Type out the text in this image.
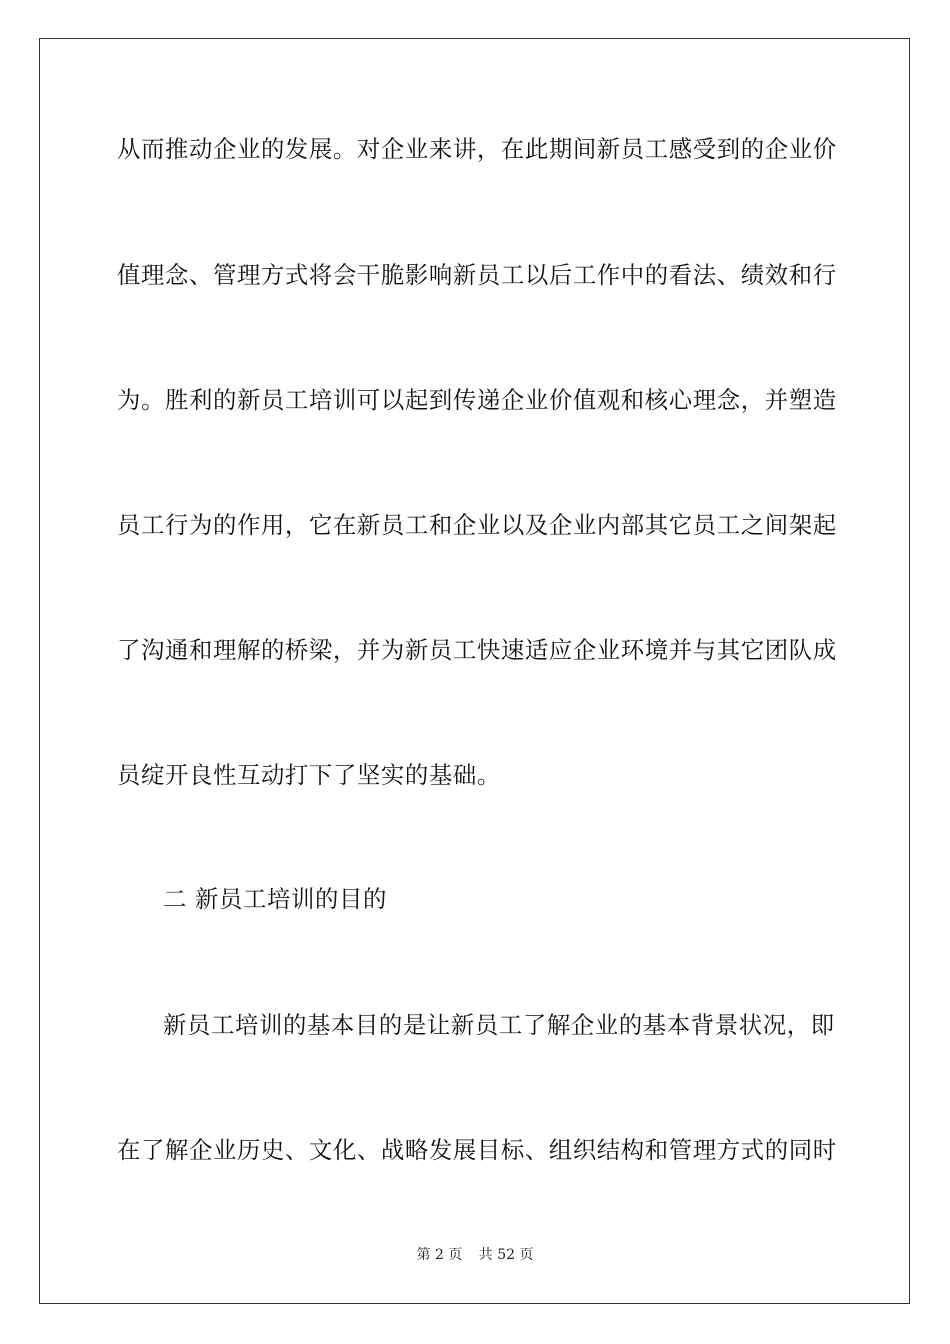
从而推动企业的发展。对企业来讲，在此期间新员工感受到的企业价
值理念、管理方式将会干脆影响新员工以后工作中的看法、绩效和行
为。胜利的新员工培训可以起到传递企业价值观和核心理念，并塑造
员工行为的作用，它在新员工和企业以及企业内部其它员工之间架起
了沟通和理解的桥梁，并为新员工快速适应企业环境并与其它团队成
员绽开良性互动打下了坚实的基础。
二 新员工培训的目的
新员工培训的基本目的是让新员工了解企业的基本背景状况，即
在了解企业历史、文化、战略发展目标、组织结构和管理方式的同时
第 2 页 共 52 页
